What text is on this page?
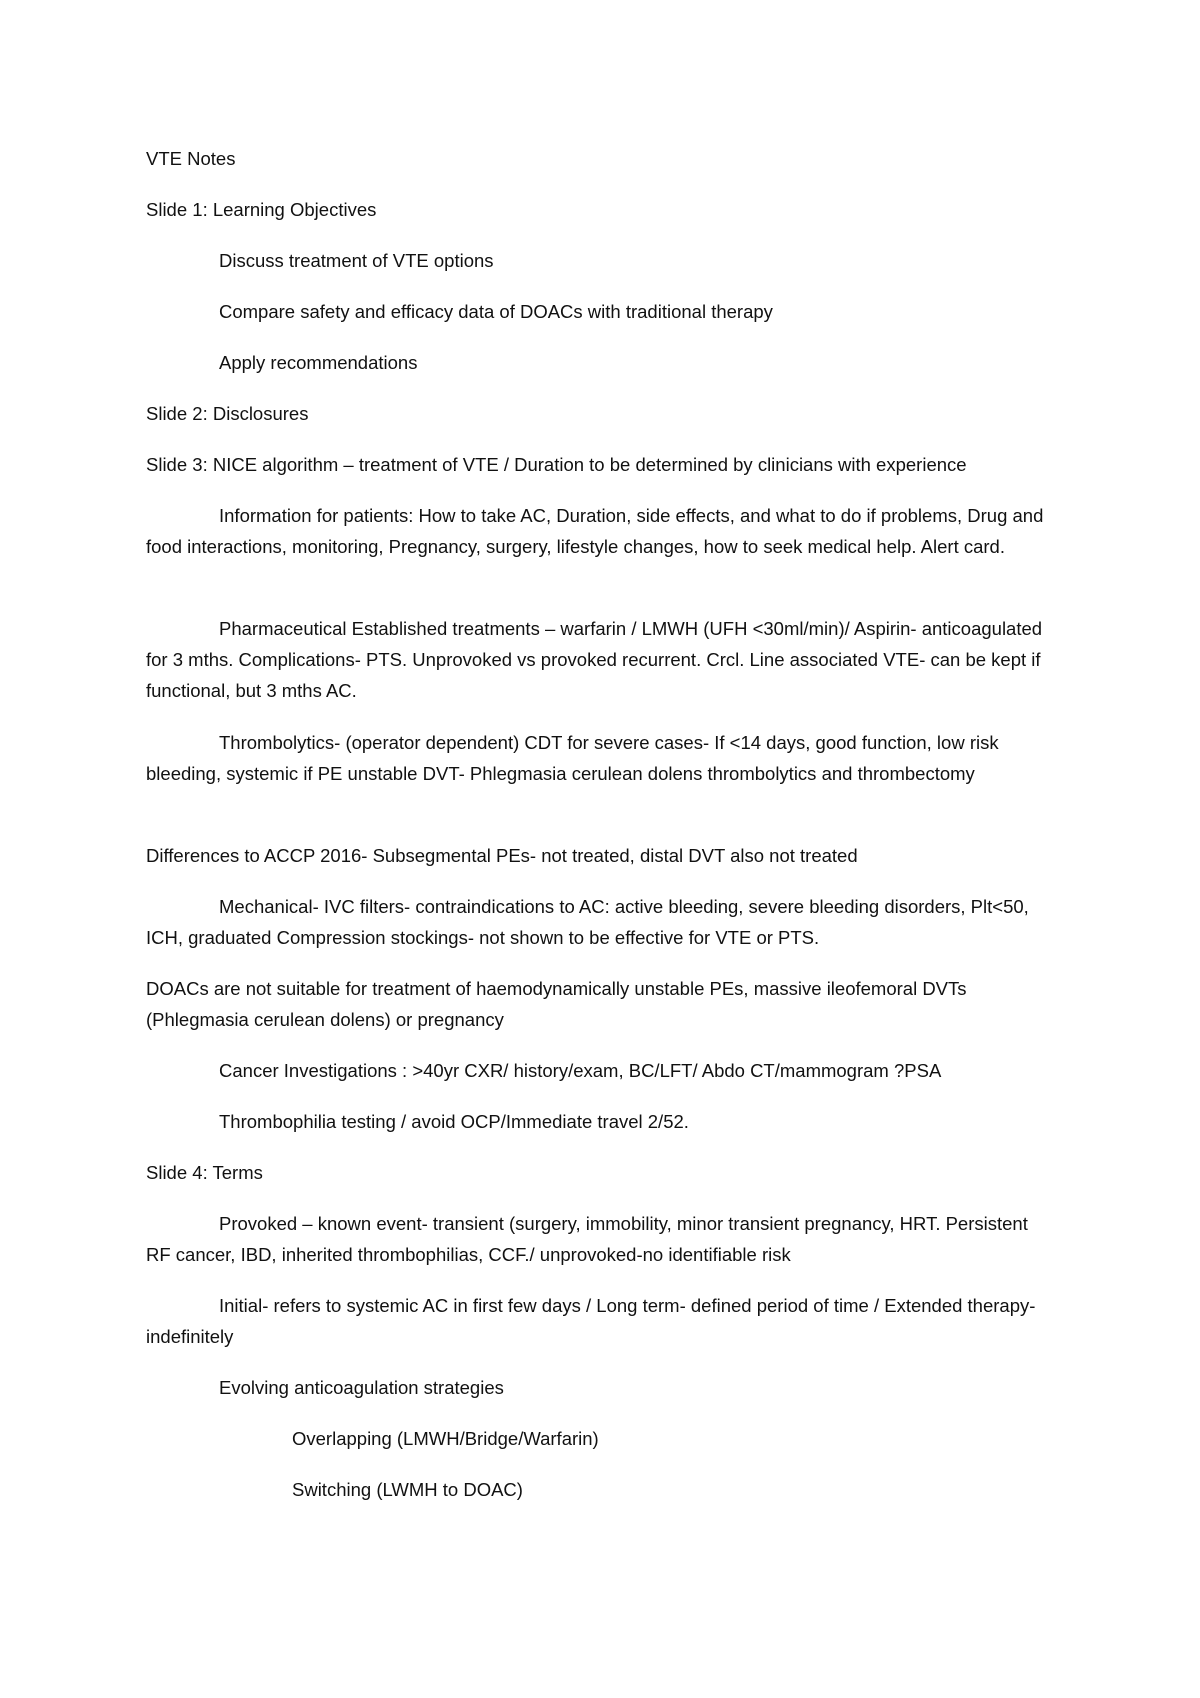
VTE Notes

Slide 1: Learning Objectives

Discuss treatment of VTE options

Compare safety and efficacy data of DOACs with traditional therapy

Apply recommendations

Slide 2: Disclosures

Slide 3: NICE algorithm – treatment of VTE / Duration to be determined by clinicians with experience

Information for patients: How to take AC, Duration, side effects, and what to do if problems, Drug and food interactions, monitoring, Pregnancy, surgery, lifestyle changes, how to seek medical help. Alert card.

Pharmaceutical Established treatments – warfarin / LMWH (UFH <30ml/min)/ Aspirin- anticoagulated for 3 mths. Complications- PTS. Unprovoked vs provoked recurrent. Crcl. Line associated VTE- can be kept if functional, but 3 mths AC.

Thrombolytics- (operator dependent) CDT for severe cases- If <14 days, good function, low risk bleeding, systemic if PE unstable DVT- Phlegmasia cerulean dolens thrombolytics and thrombectomy

Differences to ACCP 2016- Subsegmental PEs- not treated, distal DVT also not treated

Mechanical- IVC filters- contraindications to AC: active bleeding, severe bleeding disorders, Plt<50, ICH, graduated Compression stockings- not shown to be effective for VTE or PTS.

DOACs are not suitable for treatment of haemodynamically unstable PEs, massive ileofemoral DVTs (Phlegmasia cerulean dolens) or pregnancy

Cancer Investigations : >40yr CXR/ history/exam, BC/LFT/ Abdo CT/mammogram ?PSA

Thrombophilia testing / avoid OCP/Immediate travel 2/52.

Slide 4: Terms

Provoked – known event- transient (surgery, immobility, minor transient pregnancy, HRT. Persistent RF cancer, IBD, inherited thrombophilias, CCF./ unprovoked-no identifiable risk

Initial- refers to systemic AC in first few days / Long term- defined period of time / Extended therapy- indefinitely

Evolving anticoagulation strategies

Overlapping (LMWH/Bridge/Warfarin)

Switching (LWMH to DOAC)
